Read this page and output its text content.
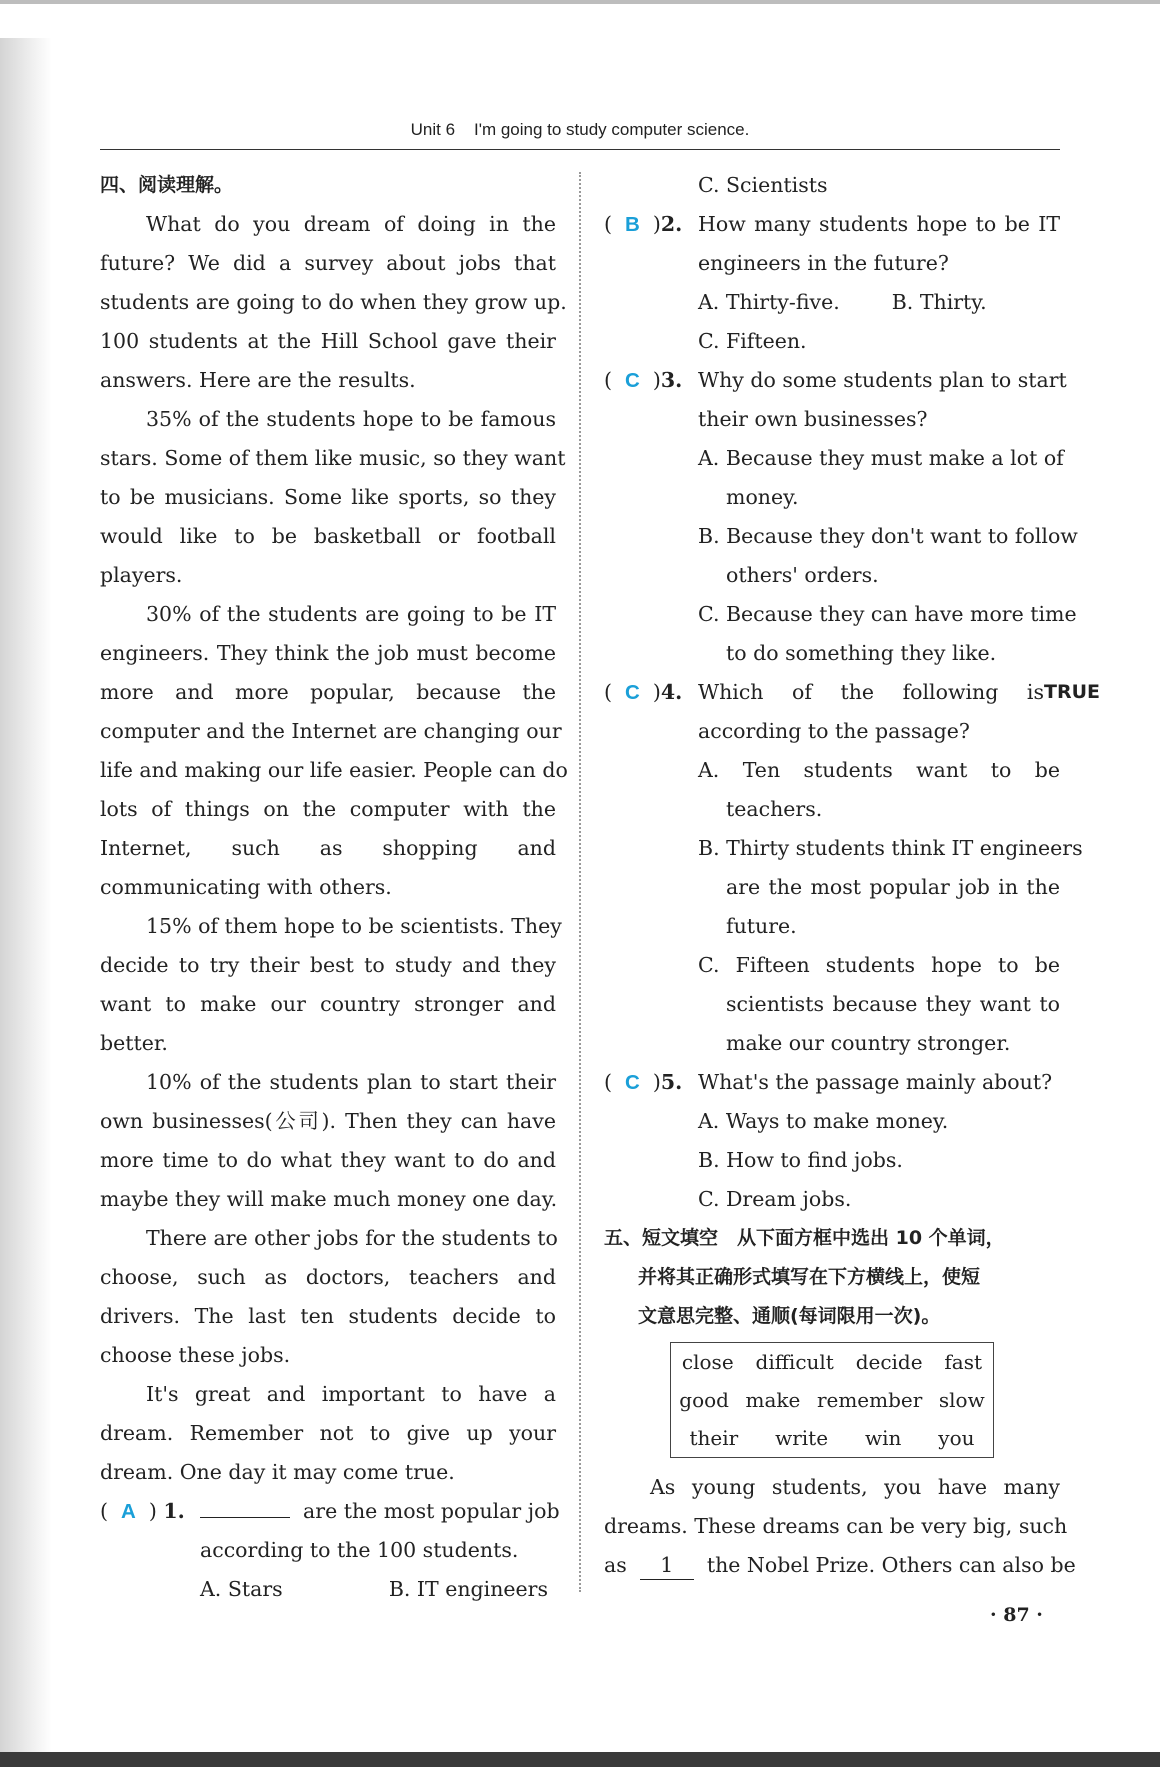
Unit 6 I'm going to study computer science.
四、阅读理解。
What do you dream of doing in the
future? We did a survey about jobs that
students are going to do when they grow up.
100 students at the Hill School gave their
answers. Here are the results.
35% of the students hope to be famous
stars. Some of them like music, so they want
to be musicians. Some like sports, so they
would like to be basketball or football
players.
30% of the students are going to be IT
engineers. They think the job must become
more and more popular, because the
computer and the Internet are changing our
life and making our life easier. People can do
lots of things on the computer with the
Internet, such as shopping and
communicating with others.
15% of them hope to be scientists. They
decide to try their best to study and they
want to make our country stronger and
better.
10% of the students plan to start their
own businesses(公司). Then they can have
more time to do what they want to do and
maybe they will make much money one day.
There are other jobs for the students to
choose, such as doctors, teachers and
drivers. The last ten students decide to
choose these jobs.
It's great and important to have a
dream. Remember not to give up your
dream. One day it may come true.
(  A  ) 1.	are the most popular job
according to the 100 students.
A. Stars	B. IT engineers
C. Scientists
(  B  )2. How many students hope to be IT
engineers in the future?
A. Thirty-five.	B. Thirty.
C. Fifteen.
(  C  )3. Why do some students plan to start
their own businesses?
A. Because they must make a lot of
money.
B. Because they don't want to follow
others' orders.
C. Because they can have more time
to do something they like.
(  C  )4. Which of the following is TRUE
according to the passage?
A. Ten students want to be
teachers.
B. Thirty students think IT engineers
are the most popular job in the
future.
C. Fifteen students hope to be
scientists because they want to
make our country stronger.
(  C  )5. What's the passage mainly about?
A. Ways to make money.
B. How to find jobs.
C. Dream jobs.
五、短文填空　从下面方框中选出 10 个单词，
并将其正确形式填写在下方横线上，使短
文意思完整、通顺(每词限用一次)。
close difficult decide fast
good make remember slow
their write win you
As young students, you have many
dreams. These dreams can be very big, such
as 1 the Nobel Prize. Others can also be
· 87 ·
